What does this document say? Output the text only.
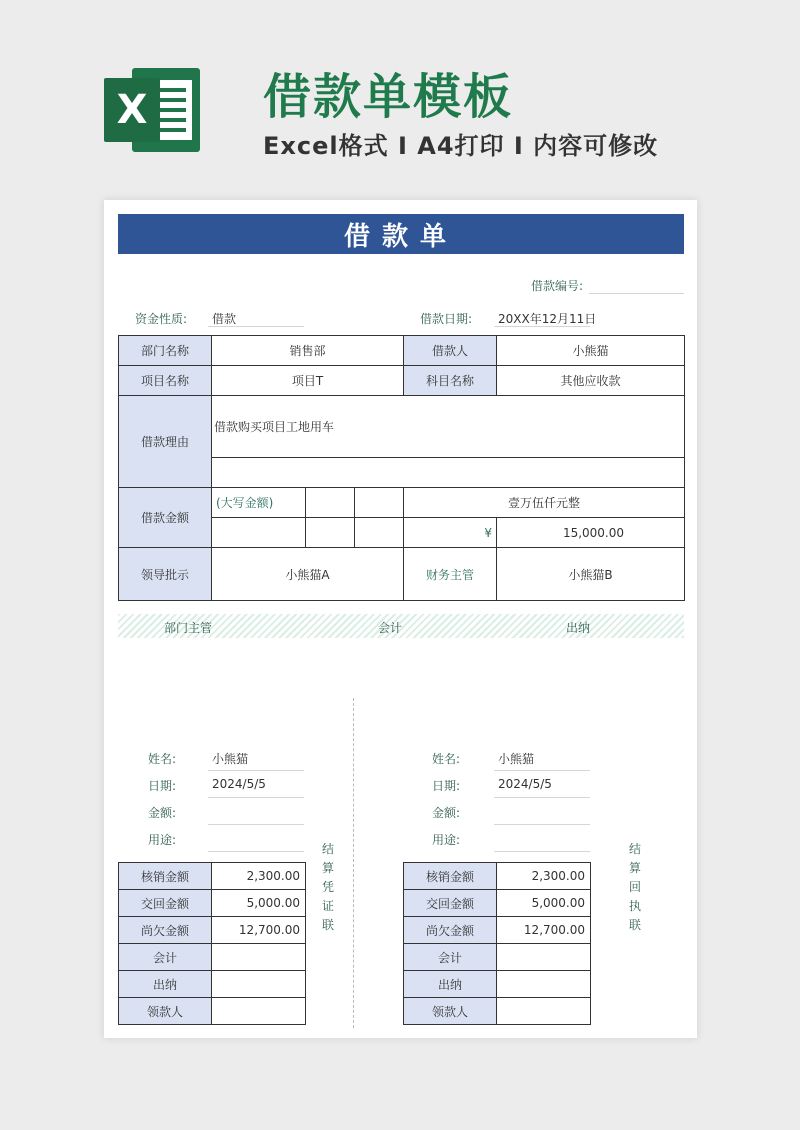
X 借款单模板
Excel格式 I A4打印 I 内容可修改
借款单
借款编号:
资金性质: 借款	借款日期: 20XX年12月11日
部门名称	销售部			借款人	小熊猫
项目名称	项目T			科目名称	其他应收款
借款理由	借款购买项目工地用车				

借款金额	(大写金额)			壹万伍仟元整	
				¥	15,000.00
领导批示	小熊猫A			财务主管	小熊猫B
部门主管	会计	出纳
姓名:	小熊猫
日期:	2024/5/5
金额:
用途:
核销金额	2,300.00
交回金额	5,000.00
尚欠金额	12,700.00
会计	
出纳	
领款人	
结算凭证联
姓名:	小熊猫
日期:	2024/5/5
金额:
用途:
核销金额	2,300.00
交回金额	5,000.00
尚欠金额	12,700.00
会计	
出纳	
领款人	
结算回执联
